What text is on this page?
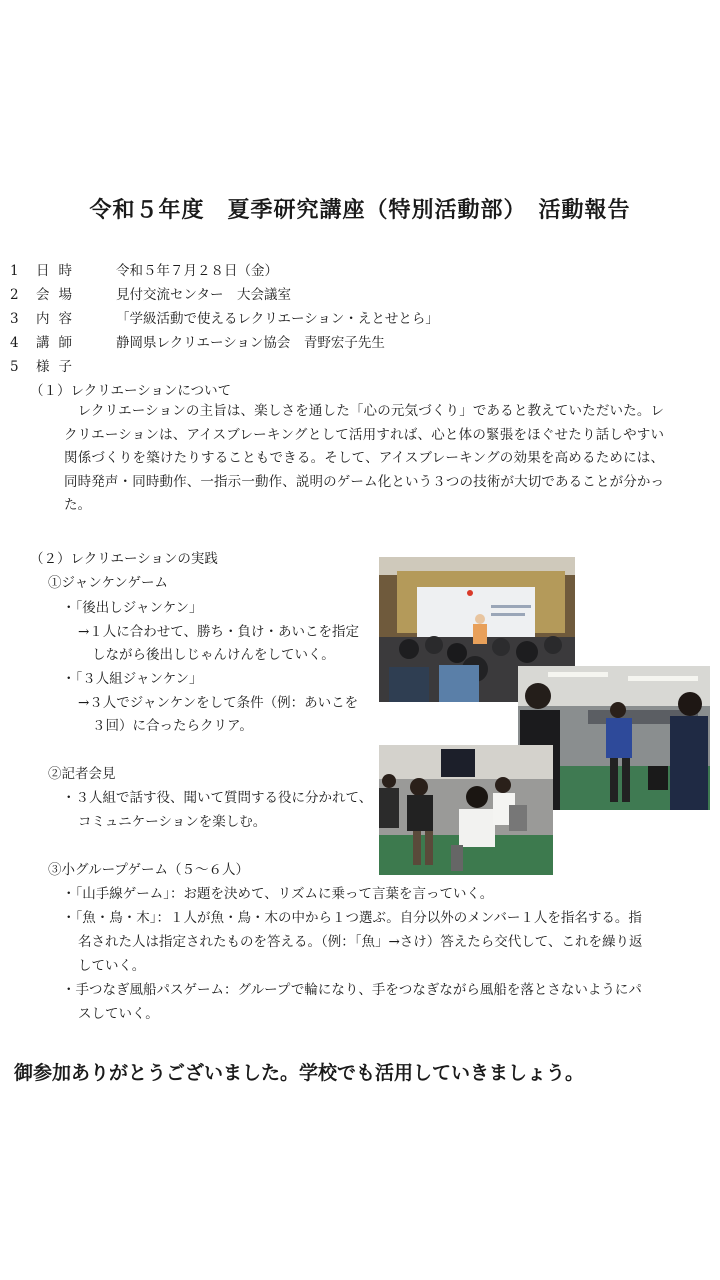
令和５年度　夏季研究講座（特別活動部）　活動報告
1 日時	令和５年７月２８日（金）
2 会場	見付交流センター　大会議室
3 内容	「学級活動で使えるレクリエーション・えとせとら」
4 講師	静岡県レクリエーション協会　青野宏子先生
5 様子
（１）レクリエーションについて
　レクリエーションの主旨は、楽しさを通した「心の元気づくり」であると教えていただいた。レクリエーションは、アイスブレーキングとして活用すれば、心と体の緊張をほぐせたり話しやすい関係づくりを築けたりすることもできる。そして、アイスブレーキングの効果を高めるためには、同時発声・同時動作、一指示一動作、説明のゲーム化という３つの技術が大切であることが分かった。
（２）レクリエーションの実践
①ジャンケンゲーム
・「後出しジャンケン」
→１人に合わせて、勝ち・負け・あいこを指定
しながら後出しじゃんけんをしていく。
・「３人組ジャンケン」
→３人でジャンケンをして条件（例：あいこを
３回）に合ったらクリア。
②記者会見
・３人組で話す役、聞いて質問する役に分かれて、
コミュニケーションを楽しむ。
③小グループゲーム（５～６人）
・「山手線ゲーム」：お題を決めて、リズムに乗って言葉を言っていく。
・「魚・鳥・木」：１人が魚・鳥・木の中から１つ選ぶ。自分以外のメンバー１人を指名する。指
名された人は指定されたものを答える。（例：「魚」→さけ）答えたら交代して、これを繰り返
していく。
・手つなぎ風船パスゲーム：グループで輪になり、手をつなぎながら風船を落とさないようにパ
スしていく。
御参加ありがとうございました。学校でも活用していきましょう。
